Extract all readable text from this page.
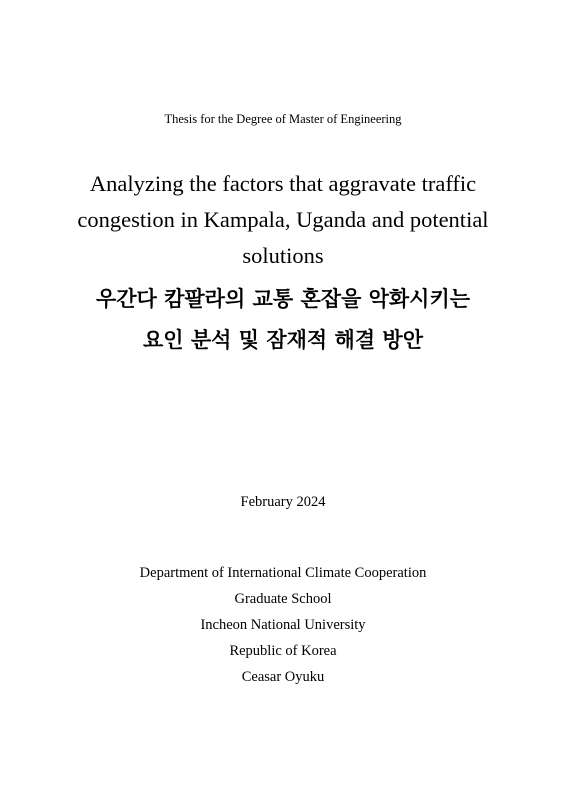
Thesis for the Degree of Master of Engineering
Analyzing the factors that aggravate traffic
congestion in Kampala, Uganda and potential
solutions
우간다 캄팔라의 교통 혼잡을 악화시키는
요인 분석 및 잠재적 해결 방안
February 2024
Department of International Climate Cooperation
Graduate School
Incheon National University
Republic of Korea
Ceasar Oyuku
